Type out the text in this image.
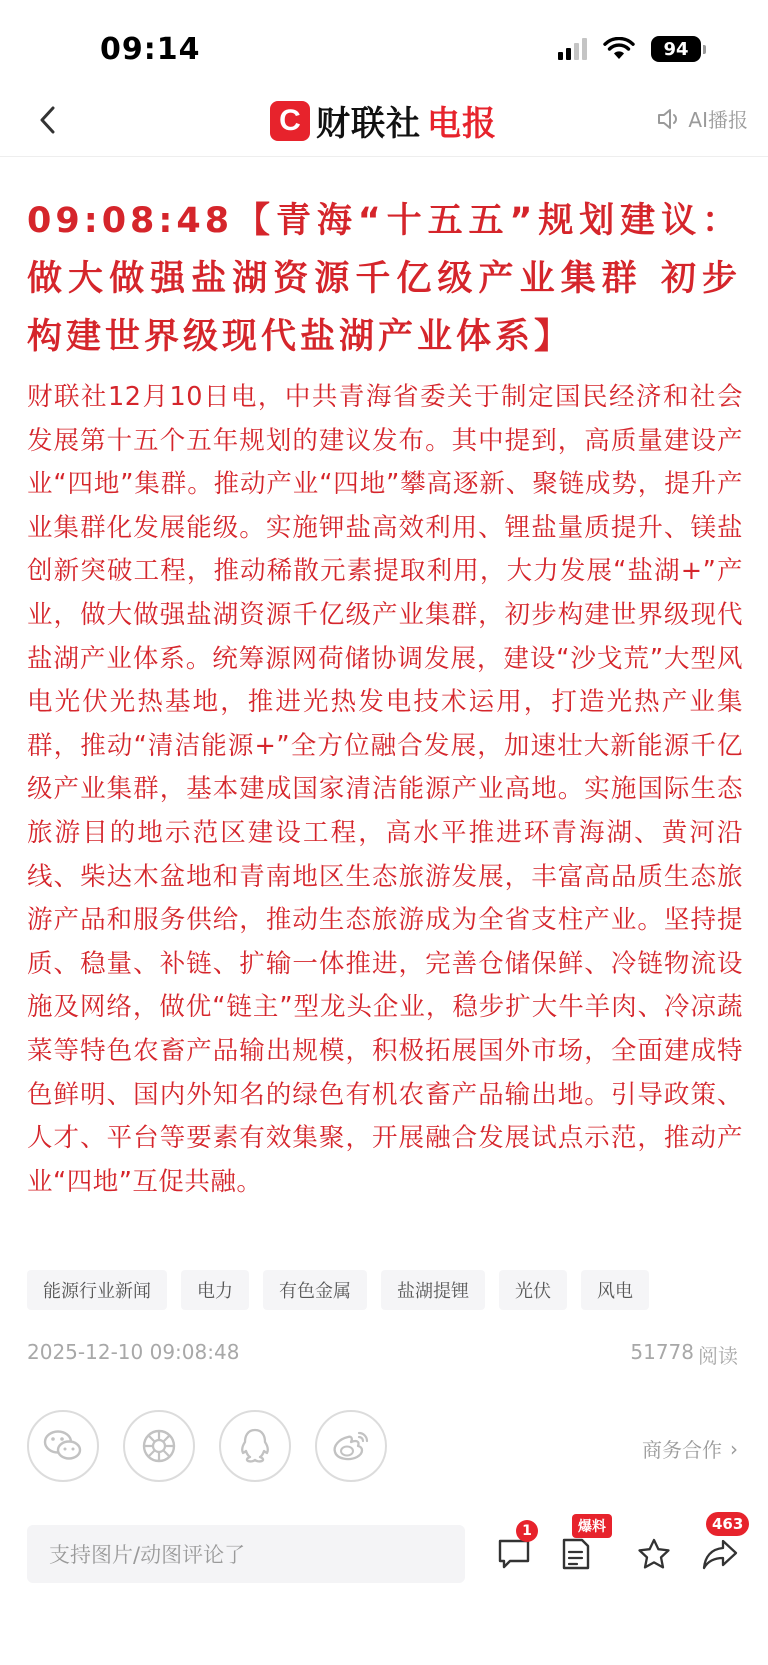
09:14	94
C 财联社 电报	AI播报
09:08:48【青海“十五五”规划建议：做大做强盐湖资源千亿级产业集群 初步构建世界级现代盐湖产业体系】
财联社12月10日电，中共青海省委关于制定国民经济和社会发展第十五个五年规划的建议发布。其中提到，高质量建设产业“四地”集群。推动产业“四地”攀高逐新、聚链成势，提升产业集群化发展能级。实施钾盐高效利用、锂盐量质提升、镁盐创新突破工程，推动稀散元素提取利用，大力发展“盐湖+”产业，做大做强盐湖资源千亿级产业集群，初步构建世界级现代盐湖产业体系。统筹源网荷储协调发展，建设“沙戈荒”大型风电光伏光热基地，推进光热发电技术运用，打造光热产业集群，推动“清洁能源+”全方位融合发展，加速壮大新能源千亿级产业集群，基本建成国家清洁能源产业高地。实施国际生态旅游目的地示范区建设工程，高水平推进环青海湖、黄河沿线、柴达木盆地和青南地区生态旅游发展，丰富高品质生态旅游产品和服务供给，推动生态旅游成为全省支柱产业。坚持提质、稳量、补链、扩输一体推进，完善仓储保鲜、冷链物流设施及网络，做优“链主”型龙头企业，稳步扩大牛羊肉、冷凉蔬菜等特色农畜产品输出规模，积极拓展国外市场，全面建成特色鲜明、国内外知名的绿色有机农畜产品输出地。引导政策、人才、平台等要素有效集聚，开展融合发展试点示范，推动产业“四地”互促共融。
能源行业新闻	电力	有色金属	盐湖提锂	光伏	风电
2025-12-10 09:08:48	51778 阅读
商务合作 ›
支持图片/动图评论了
1	爆料	463
